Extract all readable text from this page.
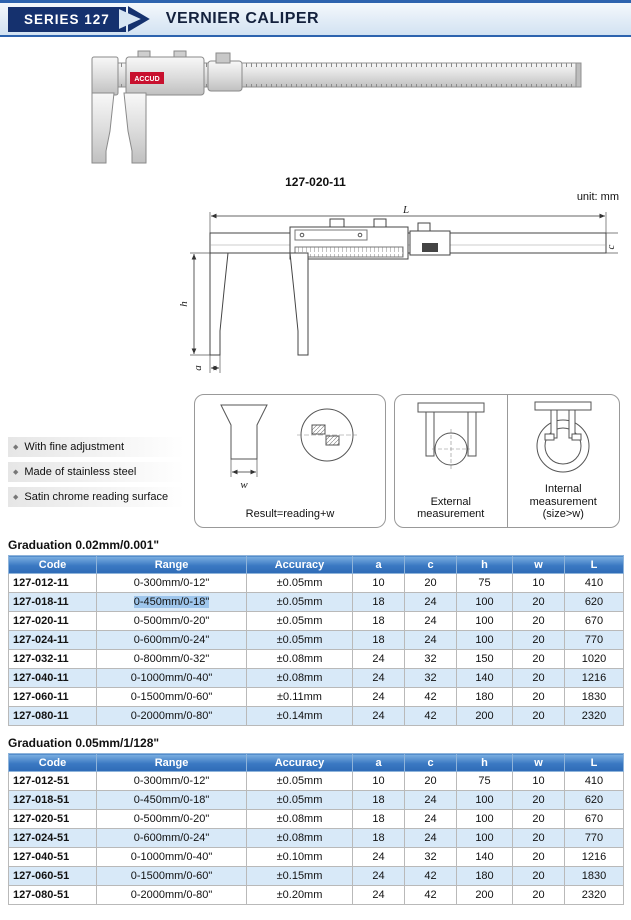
SERIES 127	VERNIER CALIPER
ACCUD
127-020-11
unit: mm
L
c
h
a
◆ With fine adjustment
◆ Made of stainless steel
◆ Satin chrome reading surface
w
Result=reading+w
External measurement
Internal measurement (size>w)
Graduation 0.02mm/0.001"
Code	Range	Accuracy	a	c	h	w	L
127-012-11	0-300mm/0-12"	±0.05mm	10	20	75	10	410
127-018-11	0-450mm/0-18"	±0.05mm	18	24	100	20	620
127-020-11	0-500mm/0-20"	±0.05mm	18	24	100	20	670
127-024-11	0-600mm/0-24"	±0.05mm	18	24	100	20	770
127-032-11	0-800mm/0-32"	±0.08mm	24	32	150	20	1020
127-040-11	0-1000mm/0-40"	±0.08mm	24	32	140	20	1216
127-060-11	0-1500mm/0-60"	±0.11mm	24	42	180	20	1830
127-080-11	0-2000mm/0-80"	±0.14mm	24	42	200	20	2320
Graduation 0.05mm/1/128"
Code	Range	Accuracy	a	c	h	w	L
127-012-51	0-300mm/0-12"	±0.05mm	10	20	75	10	410
127-018-51	0-450mm/0-18"	±0.05mm	18	24	100	20	620
127-020-51	0-500mm/0-20"	±0.08mm	18	24	100	20	670
127-024-51	0-600mm/0-24"	±0.08mm	18	24	100	20	770
127-040-51	0-1000mm/0-40"	±0.10mm	24	32	140	20	1216
127-060-51	0-1500mm/0-60"	±0.15mm	24	42	180	20	1830
127-080-51	0-2000mm/0-80"	±0.20mm	24	42	200	20	2320
